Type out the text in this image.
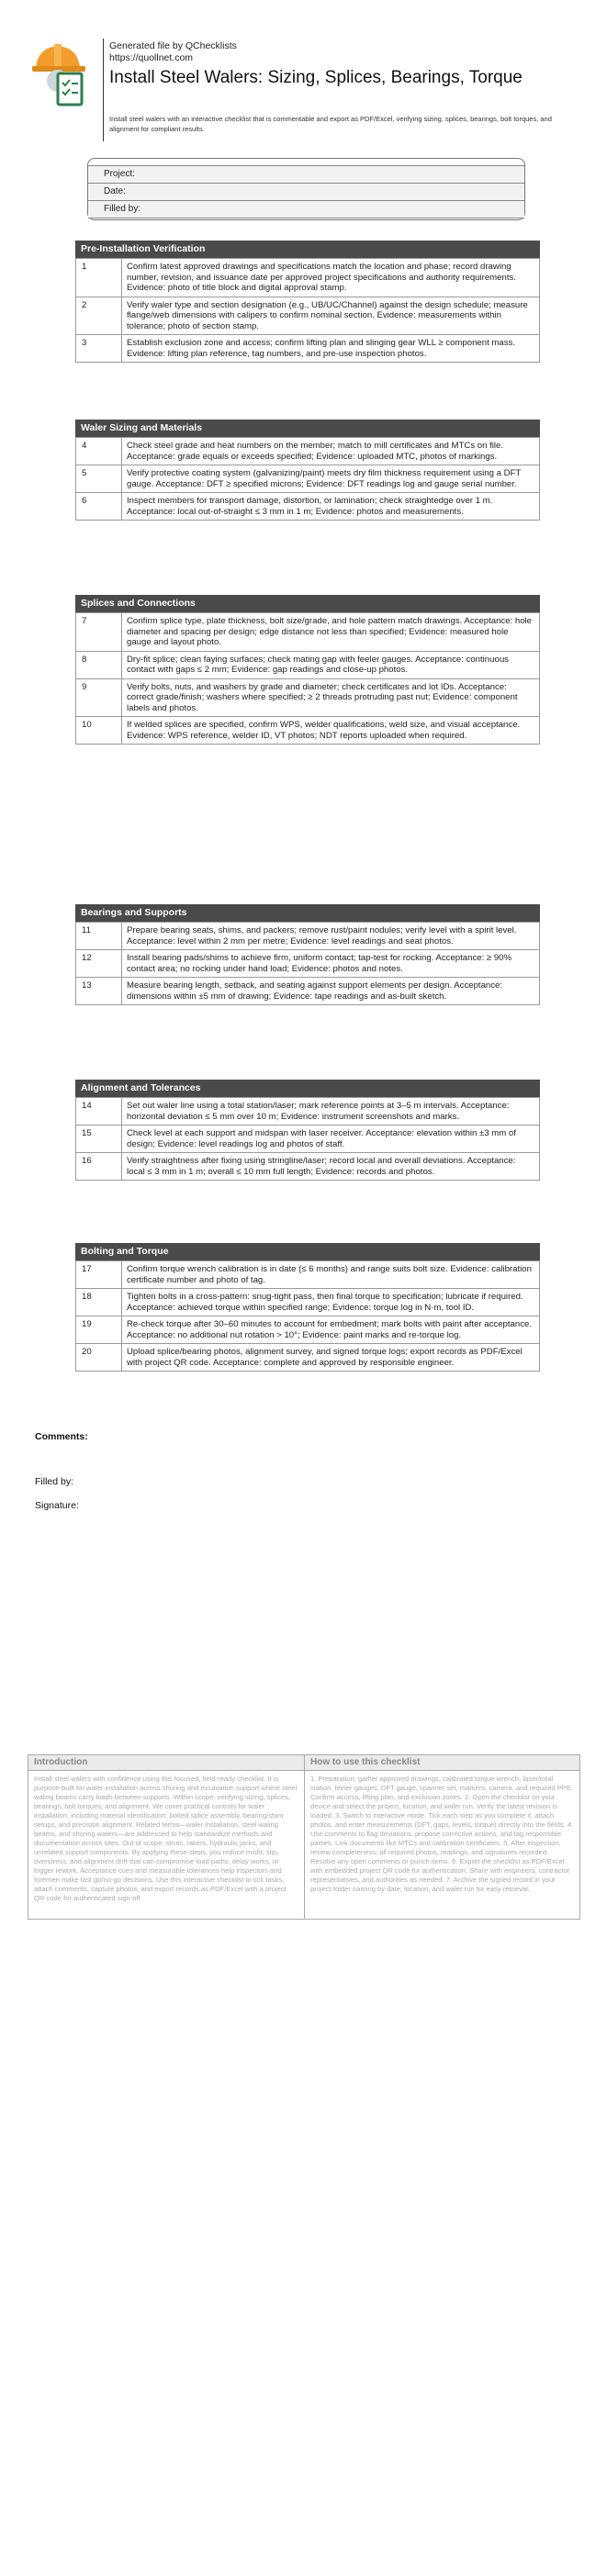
Generated file by QChecklists
https://quollnet.com
Install Steel Walers: Sizing, Splices, Bearings, Torque
Install steel walers with an interactive checklist that is commentable and export as PDF/Excel, verifying sizing, splices, bearings, bolt torques, and alignment for compliant results.
Project:
Date:
Filled by:
Pre-Installation Verification
1	Confirm latest approved drawings and specifications match the location and phase; record drawing number, revision, and issuance date per approved project specifications and authority requirements. Evidence: photo of title block and digital approval stamp.
2	Verify waler type and section designation (e.g., UB/UC/Channel) against the design schedule; measure flange/web dimensions with calipers to confirm nominal section. Evidence: measurements within tolerance; photo of section stamp.
3	Establish exclusion zone and access; confirm lifting plan and slinging gear WLL ≥ component mass. Evidence: lifting plan reference, tag numbers, and pre-use inspection photos.
Waler Sizing and Materials
4	Check steel grade and heat numbers on the member; match to mill certificates and MTCs on file. Acceptance: grade equals or exceeds specified; Evidence: uploaded MTC, photos of markings.
5	Verify protective coating system (galvanizing/paint) meets dry film thickness requirement using a DFT gauge. Acceptance: DFT ≥ specified microns; Evidence: DFT readings log and gauge serial number.
6	Inspect members for transport damage, distortion, or lamination; check straightedge over 1 m. Acceptance: local out-of-straight ≤ 3 mm in 1 m; Evidence: photos and measurements.
Splices and Connections
7	Confirm splice type, plate thickness, bolt size/grade, and hole pattern match drawings. Acceptance: hole diameter and spacing per design; edge distance not less than specified; Evidence: measured hole gauge and layout photo.
8	Dry-fit splice; clean faying surfaces; check mating gap with feeler gauges. Acceptance: continuous contact with gaps ≤ 2 mm; Evidence: gap readings and close-up photos.
9	Verify bolts, nuts, and washers by grade and diameter; check certificates and lot IDs. Acceptance: correct grade/finish; washers where specified; ≥ 2 threads protruding past nut; Evidence: component labels and photos.
10	If welded splices are specified, confirm WPS, welder qualifications, weld size, and visual acceptance. Evidence: WPS reference, welder ID, VT photos; NDT reports uploaded when required.
Bearings and Supports
11	Prepare bearing seats, shims, and packers; remove rust/paint nodules; verify level with a spirit level. Acceptance: level within 2 mm per metre; Evidence: level readings and seat photos.
12	Install bearing pads/shims to achieve firm, uniform contact; tap-test for rocking. Acceptance: ≥ 90% contact area; no rocking under hand load; Evidence: photos and notes.
13	Measure bearing length, setback, and seating against support elements per design. Acceptance: dimensions within ±5 mm of drawing; Evidence: tape readings and as-built sketch.
Alignment and Tolerances
14	Set out waler line using a total station/laser; mark reference points at 3–5 m intervals. Acceptance: horizontal deviation ≤ 5 mm over 10 m; Evidence: instrument screenshots and marks.
15	Check level at each support and midspan with laser receiver. Acceptance: elevation within ±3 mm of design; Evidence: level readings log and photos of staff.
16	Verify straightness after fixing using stringline/laser; record local and overall deviations. Acceptance: local ≤ 3 mm in 1 m; overall ≤ 10 mm full length; Evidence: records and photos.
Bolting and Torque
17	Confirm torque wrench calibration is in date (≤ 6 months) and range suits bolt size. Evidence: calibration certificate number and photo of tag.
18	Tighten bolts in a cross-pattern: snug-tight pass, then final torque to specification; lubricate if required. Acceptance: achieved torque within specified range; Evidence: torque log in N·m, tool ID.
19	Re-check torque after 30–60 minutes to account for embedment; mark bolts with paint after acceptance. Acceptance: no additional nut rotation > 10°; Evidence: paint marks and re-torque log.
20	Upload splice/bearing photos, alignment survey, and signed torque logs; export records as PDF/Excel with project QR code. Acceptance: complete and approved by responsible engineer.
Comments:
Filled by:
Signature:
Introduction
Install steel walers with confidence using this focused, field-ready checklist. It is purpose-built for waler installation across shoring and excavation support where steel waling beams carry loads between supports. Within scope: verifying sizing, splices, bearings, bolt torques, and alignment. We cover practical controls for waler installation, including material identification, bolted splice assembly, bearing/shim setups, and precision alignment. Related terms—waler installation, steel waling beams, and shoring waters—are addressed to help standardize methods and documentation across sites. Out of scope: struts, rakers, hydraulic jacks, and unrelated support components. By applying these steps, you reduce misfit, slip, overstress, and alignment drift that can compromise load paths, delay works, or trigger rework. Acceptance cues and measurable tolerances help inspectors and foremen make fast go/no-go decisions. Use this interactive checklist to tick tasks, attach comments, capture photos, and export records as PDF/Excel with a project QR code for authenticated sign-off.
How to use this checklist
1. Preparation: gather approved drawings, calibrated torque wrench, laser/total station, feeler gauges, DFT gauge, spanner set, markers, camera, and required PPE. Confirm access, lifting plan, and exclusion zones. 2. Open the checklist on your device and select the project, location, and waler run. Verify the latest revision is loaded. 3. Switch to interactive mode. Tick each step as you complete it, attach photos, and enter measurements (DFT, gaps, levels, torque) directly into the fields. 4. Use comments to flag deviations, propose corrective actions, and tag responsible parties. Link documents like MTCs and calibration certificates. 5. After inspection, review completeness: all required photos, readings, and signatures recorded. Resolve any open comments or punch items. 6. Export the checklist as PDF/Excel with embedded project QR code for authentication. Share with engineers, contractor representatives, and authorities as needed. 7. Archive the signed record in your project folder naming by date, location, and waler run for easy retrieval.
